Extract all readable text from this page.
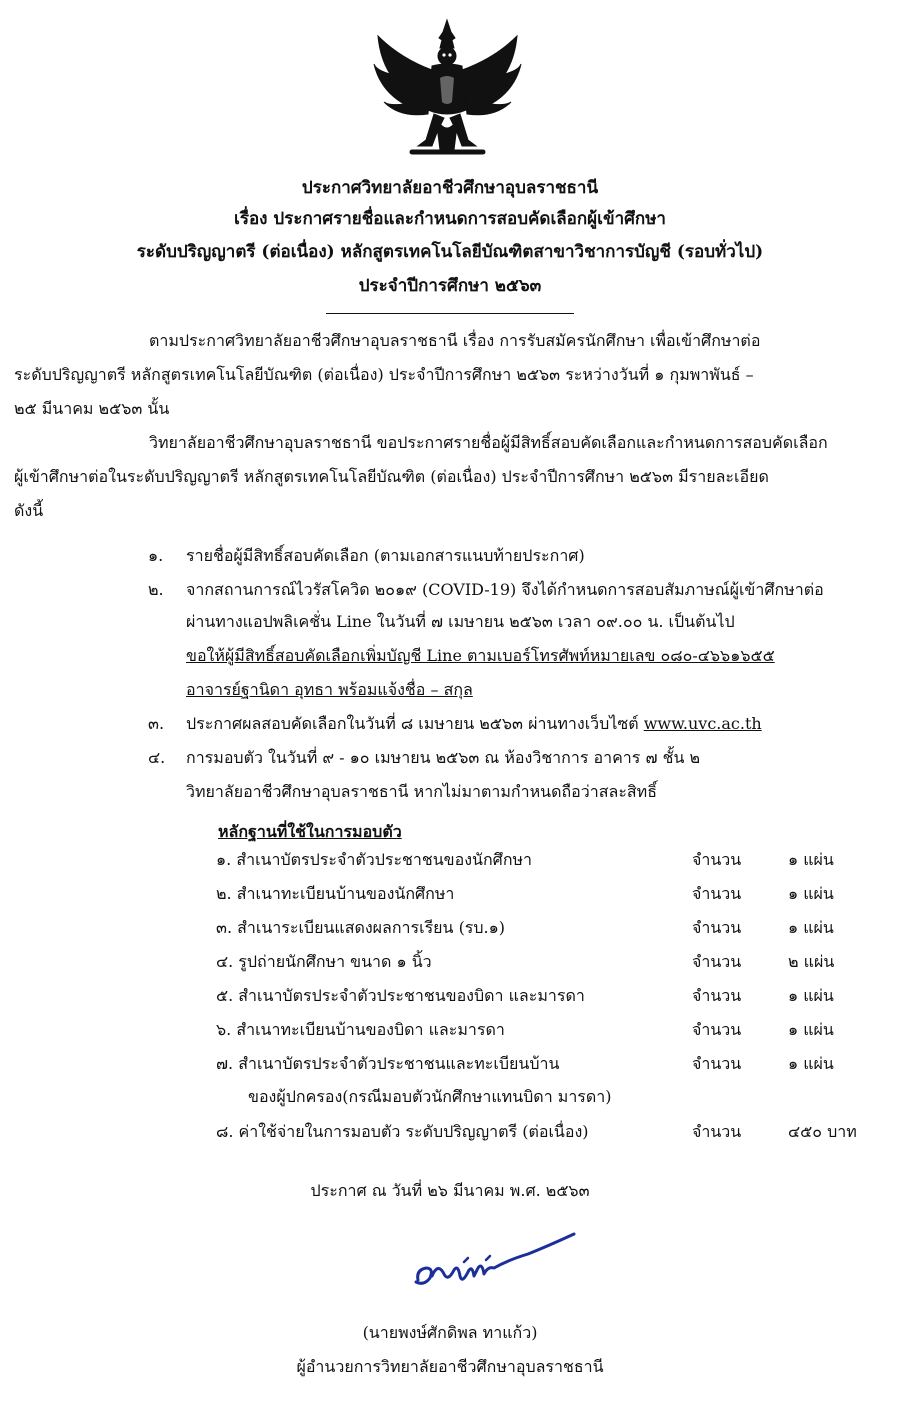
ประกาศวิทยาลัยอาชีวศึกษาอุบลราชธานี
เรื่อง ประกาศรายชื่อและกำหนดการสอบคัดเลือกผู้เข้าศึกษา
ระดับปริญญาตรี (ต่อเนื่อง) หลักสูตรเทคโนโลยีบัณฑิตสาขาวิชาการบัญชี (รอบทั่วไป)
ประจำปีการศึกษา ๒๕๖๓
ตามประกาศวิทยาลัยอาชีวศึกษาอุบลราชธานี เรื่อง การรับสมัครนักศึกษา เพื่อเข้าศึกษาต่อ
ระดับปริญญาตรี หลักสูตรเทคโนโลยีบัณฑิต (ต่อเนื่อง) ประจำปีการศึกษา ๒๕๖๓ ระหว่างวันที่ ๑ กุมพาพันธ์ –
๒๕ มีนาคม ๒๕๖๓ นั้น
วิทยาลัยอาชีวศึกษาอุบลราชธานี ขอประกาศรายชื่อผู้มีสิทธิ์สอบคัดเลือกและกำหนดการสอบคัดเลือก
ผู้เข้าศึกษาต่อในระดับปริญญาตรี หลักสูตรเทคโนโลยีบัณฑิต (ต่อเนื่อง) ประจำปีการศึกษา ๒๕๖๓ มีรายละเอียด
ดังนี้
๑. รายชื่อผู้มีสิทธิ์สอบคัดเลือก (ตามเอกสารแนบท้ายประกาศ)
๒. จากสถานการณ์ไวรัสโควิด ๒๐๑๙ (COVID-19) จึงได้กำหนดการสอบสัมภาษณ์ผู้เข้าศึกษาต่อ
ผ่านทางแอปพลิเคชั่น Line ในวันที่ ๗ เมษายน ๒๕๖๓ เวลา ๐๙.๐๐ น. เป็นต้นไป
ขอให้ผู้มีสิทธิ์สอบคัดเลือกเพิ่มบัญชี Line ตามเบอร์โทรศัพท์หมายเลข ๐๘๐-๔๖๖๑๖๕๕
อาจารย์ฐานิดา อุทธา พร้อมแจ้งชื่อ – สกุล
๓. ประกาศผลสอบคัดเลือกในวันที่ ๘ เมษายน ๒๕๖๓ ผ่านทางเว็บไซต์ www.uvc.ac.th
๔. การมอบตัว ในวันที่ ๙ - ๑๐ เมษายน ๒๕๖๓ ณ ห้องวิชาการ อาคาร ๗ ชั้น ๒
วิทยาลัยอาชีวศึกษาอุบลราชธานี หากไม่มาตามกำหนดถือว่าสละสิทธิ์
หลักฐานที่ใช้ในการมอบตัว
๑. สำเนาบัตรประจำตัวประชาชนของนักศึกษา	จำนวน	๑ แผ่น
๒. สำเนาทะเบียนบ้านของนักศึกษา	จำนวน	๑ แผ่น
๓. สำเนาระเบียนแสดงผลการเรียน (รบ.๑)	จำนวน	๑ แผ่น
๔. รูปถ่ายนักศึกษา ขนาด ๑ นิ้ว	จำนวน	๒ แผ่น
๕. สำเนาบัตรประจำตัวประชาชนของบิดา และมารดา	จำนวน	๑ แผ่น
๖. สำเนาทะเบียนบ้านของบิดา และมารดา	จำนวน	๑ แผ่น
๗. สำเนาบัตรประจำตัวประชาชนและทะเบียนบ้าน	จำนวน	๑ แผ่น
ของผู้ปกครอง(กรณีมอบตัวนักศึกษาแทนบิดา มารดา)
๘. ค่าใช้จ่ายในการมอบตัว ระดับปริญญาตรี (ต่อเนื่อง)	จำนวน	๔๕๐ บาท
ประกาศ ณ วันที่ ๒๖ มีนาคม พ.ศ. ๒๕๖๓
(นายพงษ์ศักดิพล ทาแก้ว)
ผู้อำนวยการวิทยาลัยอาชีวศึกษาอุบลราชธานี
